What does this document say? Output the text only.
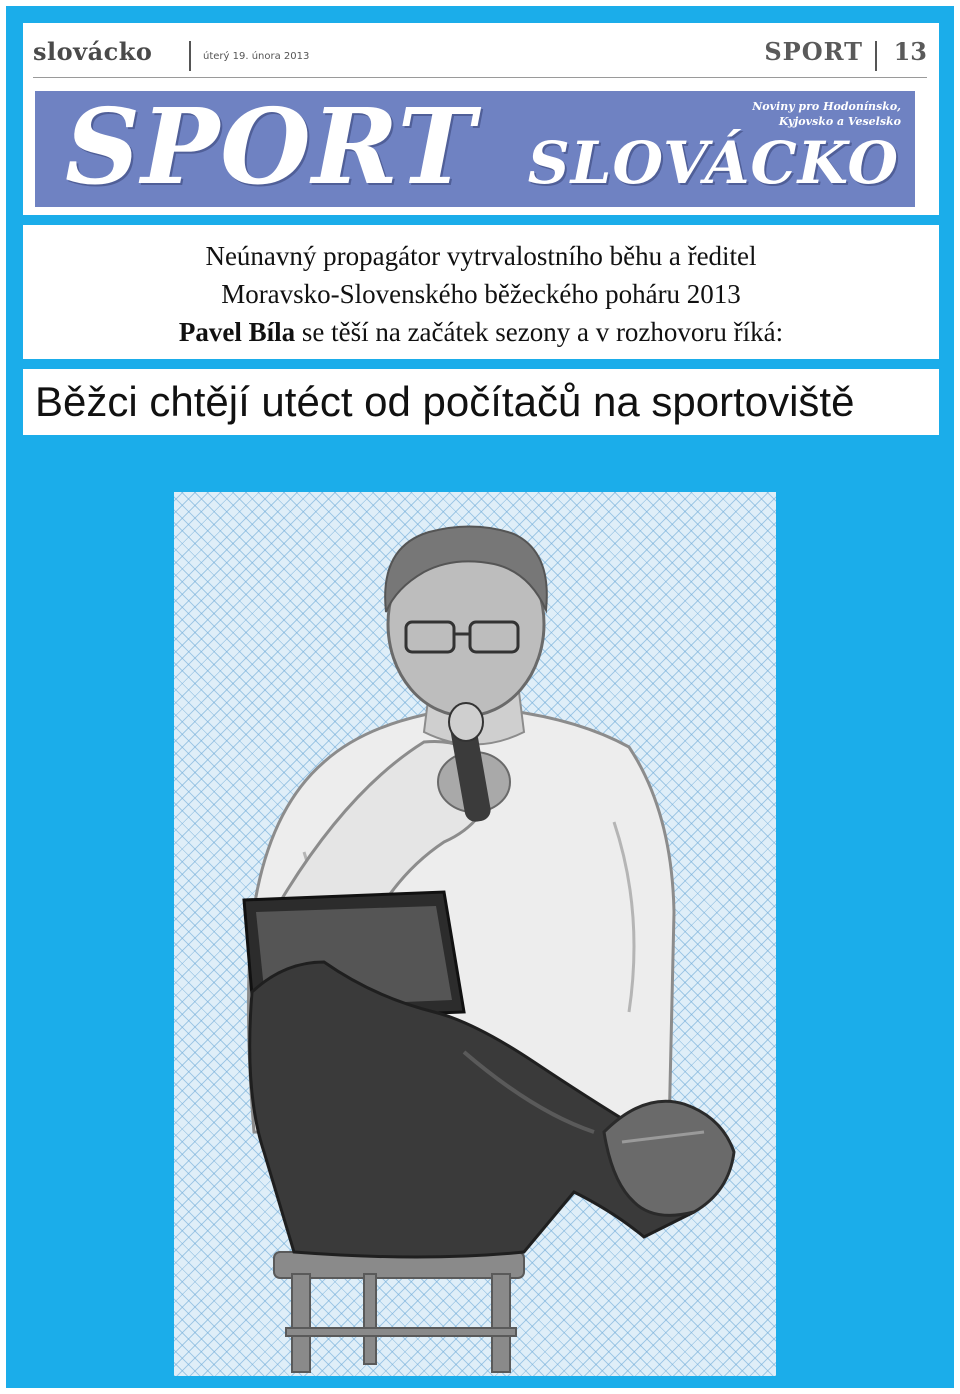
slovácko	úterý 19. února 2013	SPORT 13
SPORT	Noviny pro Hodonínsko, Kyjovsko a Veselsko
SLOVÁCKO
Neúnavný propagátor vytrvalostního běhu a ředitel
Moravsko-Slovenského běžeckého poháru 2013
Pavel Bíla se těší na začátek sezony a v rozhovoru říká:
Běžci chtějí utéct od počítačů na sportoviště
